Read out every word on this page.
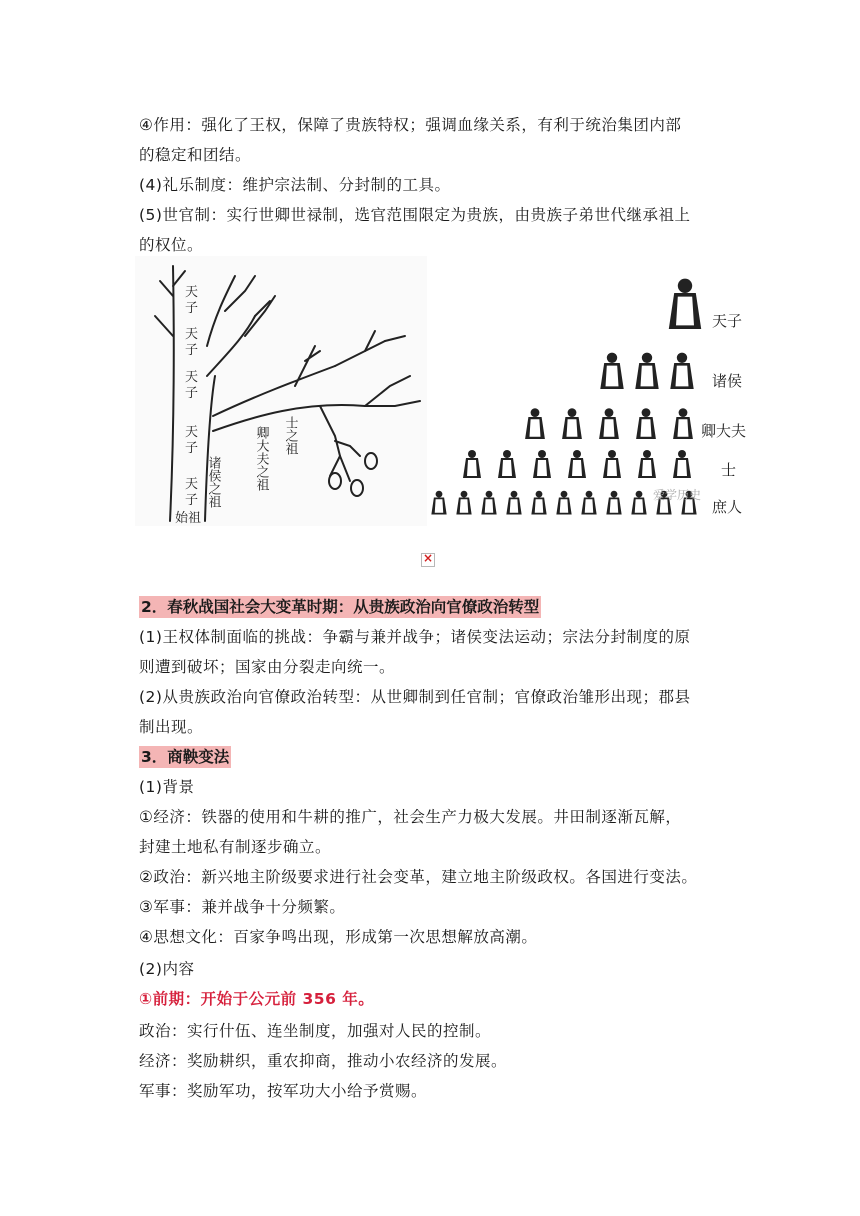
④作用：强化了王权，保障了贵族特权；强调血缘关系，有利于统治集团内部
的稳定和团结。
(4)礼乐制度：维护宗法制、分封制的工具。
(5)世官制：实行世卿世禄制，选官范围限定为贵族，由贵族子弟世代继承祖上
的权位。
天
子
天
子
天
子
天
子
天
子
始祖
诸侯之祖	卿大夫之祖 士之祖
天子
诸侯
卿大夫
士
庶人
爱学历史
×
2．春秋战国社会大变革时期：从贵族政治向官僚政治转型
(1)王权体制面临的挑战：争霸与兼并战争；诸侯变法运动；宗法分封制度的原
则遭到破坏；国家由分裂走向统一。
(2)从贵族政治向官僚政治转型：从世卿制到任官制；官僚政治雏形出现；郡县
制出现。
3．商鞅变法
(1)背景
①经济：铁器的使用和牛耕的推广，社会生产力极大发展。井田制逐渐瓦解，
封建土地私有制逐步确立。
②政治：新兴地主阶级要求进行社会变革，建立地主阶级政权。各国进行变法。
③军事：兼并战争十分频繁。
④思想文化：百家争鸣出现，形成第一次思想解放高潮。
(2)内容
①前期：开始于公元前 356 年。
政治：实行什伍、连坐制度，加强对人民的控制。
经济：奖励耕织，重农抑商，推动小农经济的发展。
军事：奖励军功，按军功大小给予赏赐。
